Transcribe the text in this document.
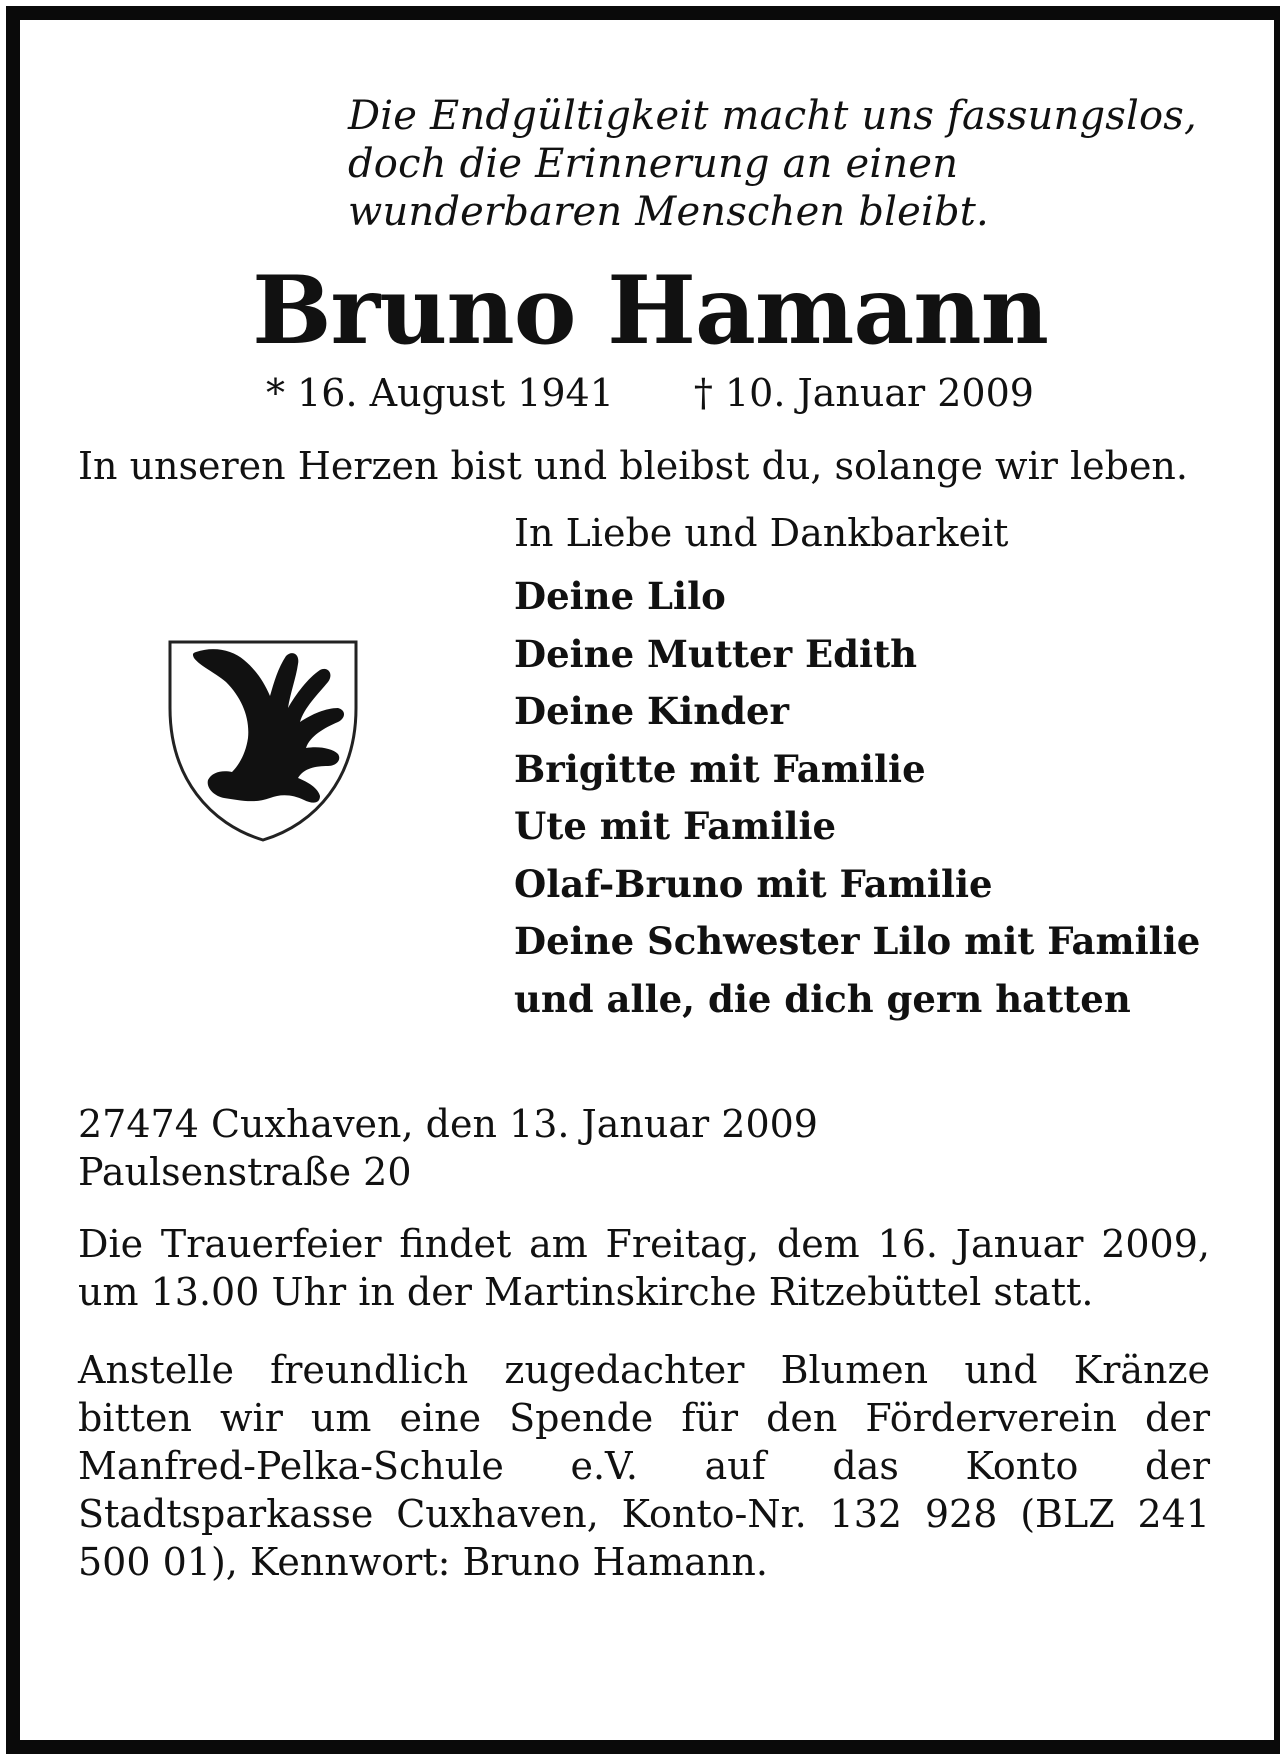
Die Endgültigkeit macht uns fassungslos,
doch die Erinnerung an einen
wunderbaren Menschen bleibt.
Bruno Hamann
* 16. August 1941 † 10. Januar 2009
In unseren Herzen bist und bleibst du, solange wir leben.
In Liebe und Dankbarkeit
Deine Lilo
Deine Mutter Edith
Deine Kinder
Brigitte mit Familie
Ute mit Familie
Olaf-Bruno mit Familie
Deine Schwester Lilo mit Familie
und alle, die dich gern hatten
27474 Cuxhaven, den 13. Januar 2009
Paulsenstraße 20
Die Trauerfeier findet am Freitag, dem 16. Januar 2009, um 13.00 Uhr in der Martinskirche Ritzebüttel statt.
Anstelle freundlich zugedachter Blumen und Kränze bitten wir um eine Spende für den Förderverein der Manfred-Pelka-Schule e.V. auf das Konto der Stadtsparkasse Cuxhaven, Konto-Nr. 132 928 (BLZ 241 500 01), Kennwort: Bruno Hamann.
